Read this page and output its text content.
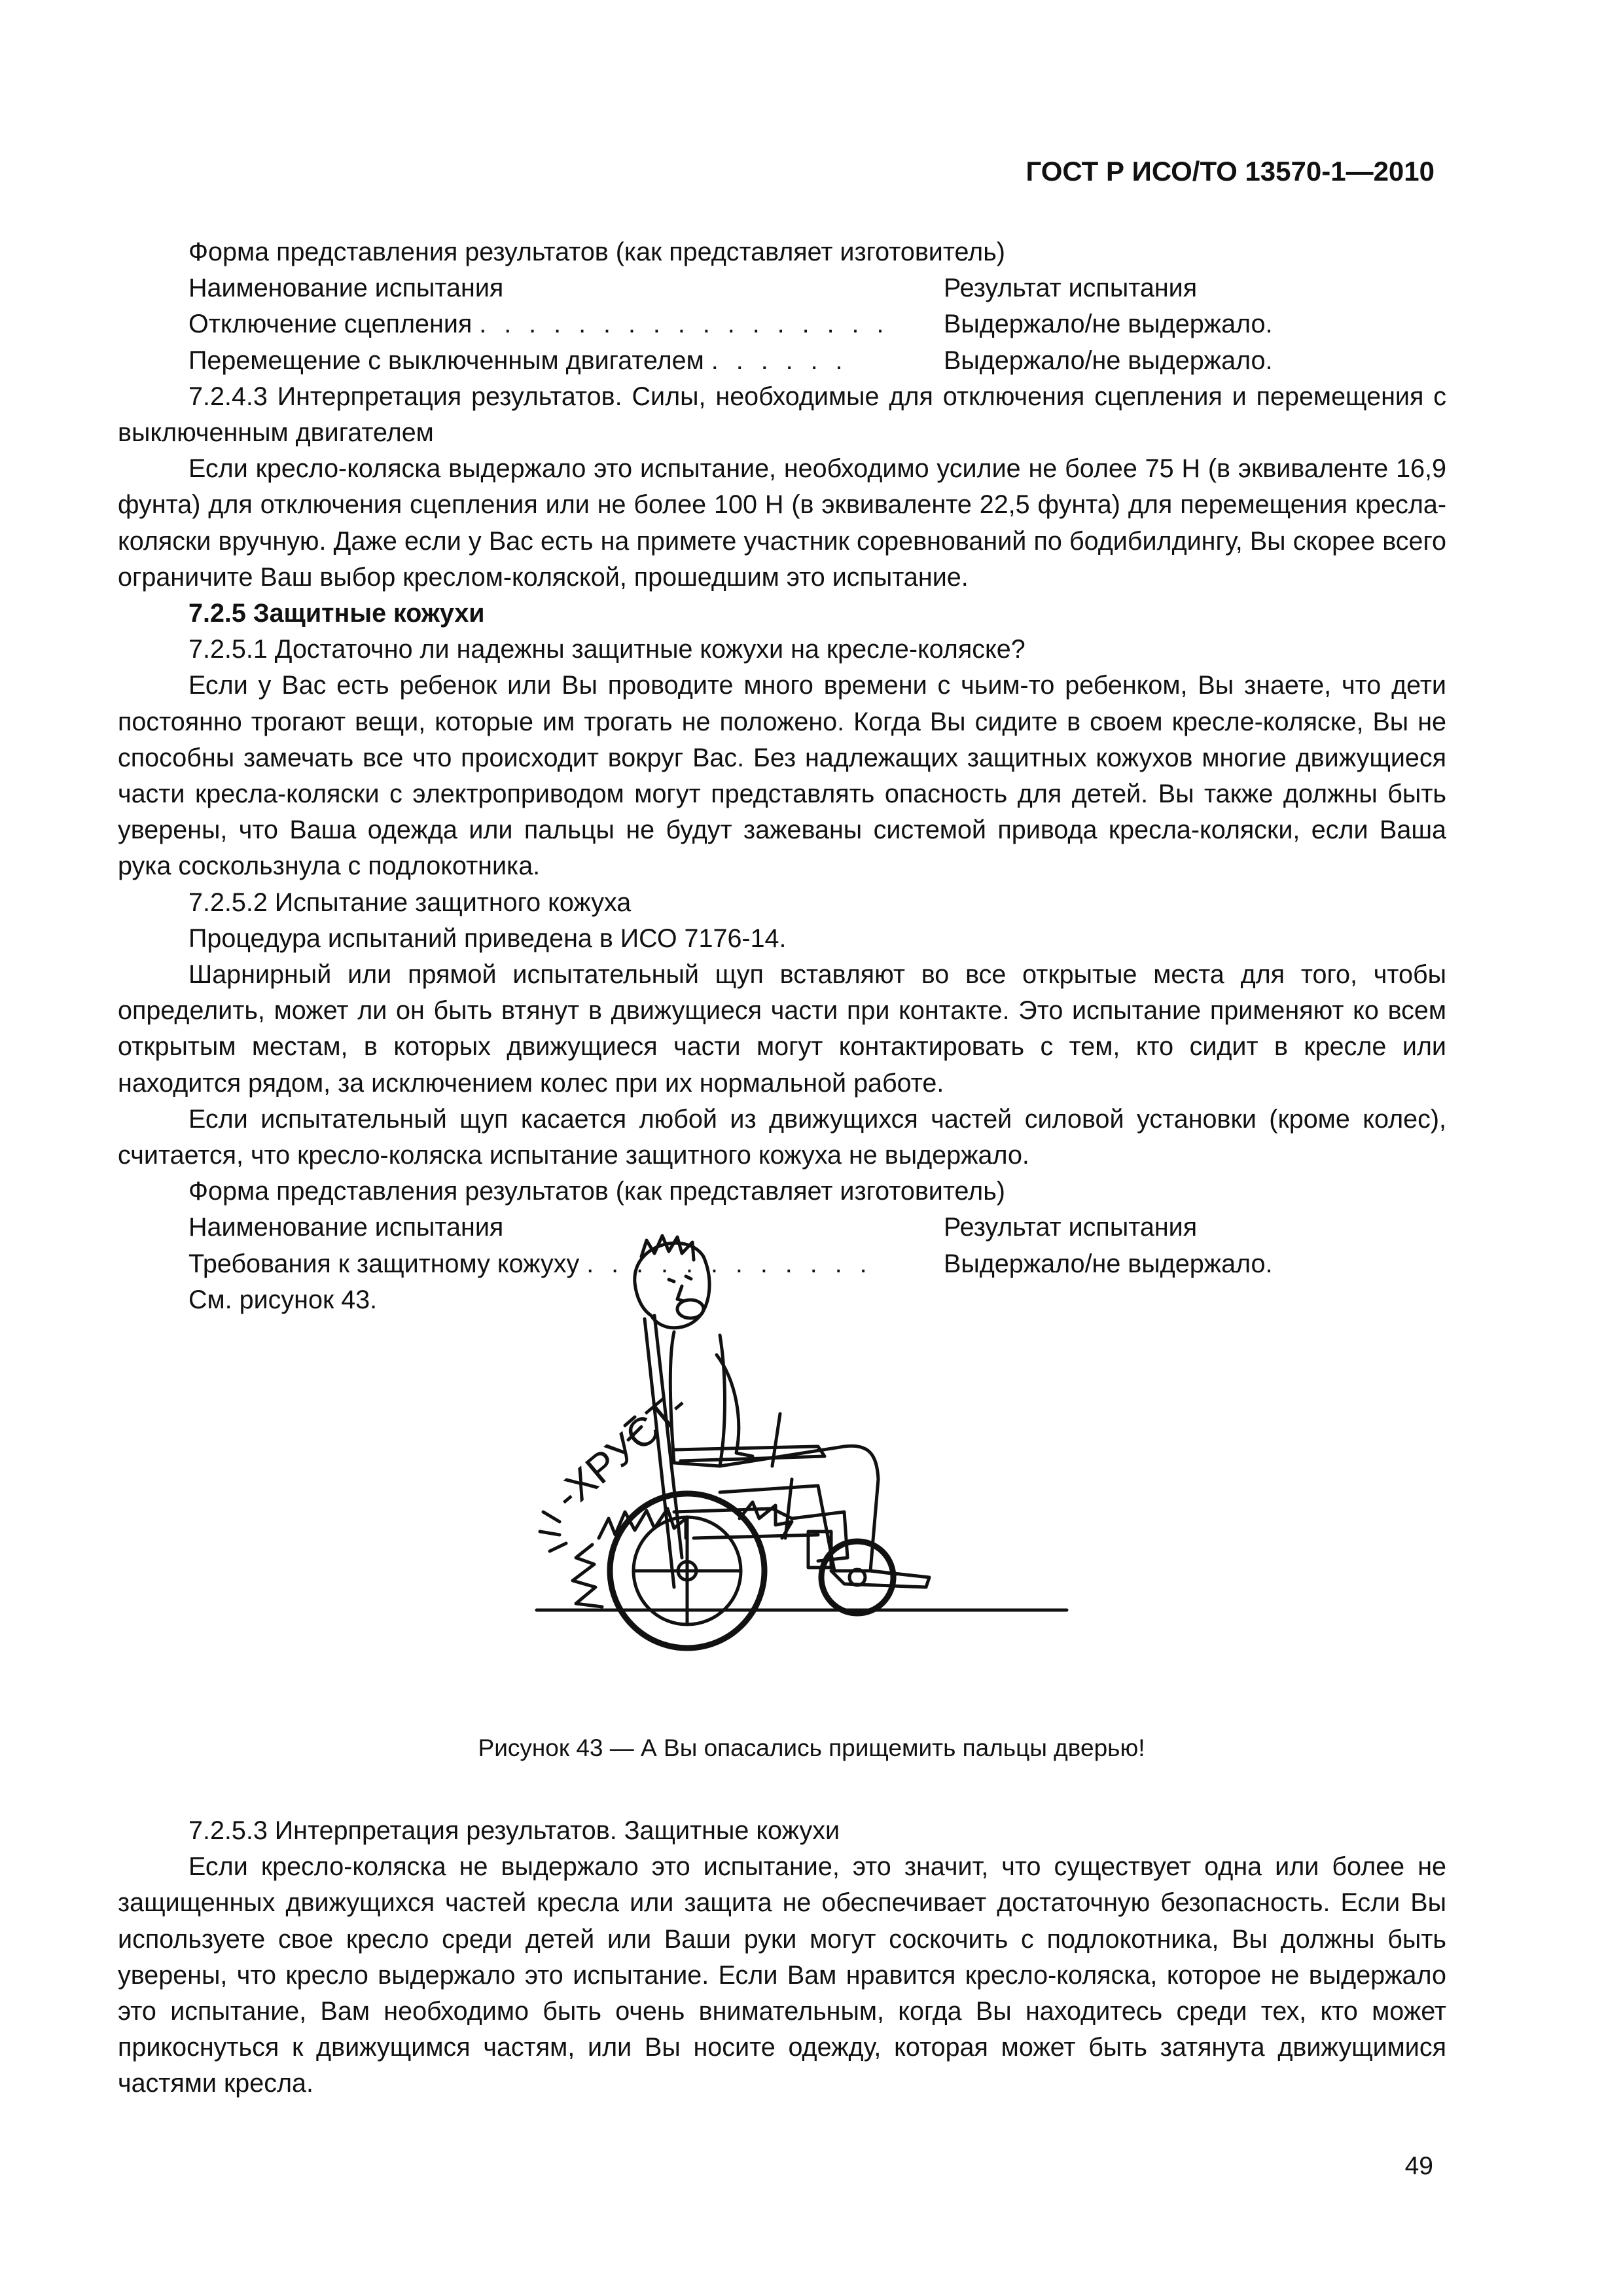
ГОСТ Р ИСО/ТО 13570-1—2010

Форма представления результатов (как представляет изготовитель)

Наименование испытания	Результат испытания
Отключение сцепления . . . . . . . . . . . . . . . . . Выдержало/не выдержало.
Перемещение с выключенным двигателем . . . . . .	Выдержало/не выдержало.

7.2.4.3 Интерпретация результатов. Силы, необходимые для отключения сцепления и перемещения с выключенным двигателем

Если кресло-коляска выдержало это испытание, необходимо усилие не более 75 Н (в эквиваленте 16,9 фунта) для отключения сцепления или не более 100 Н (в эквиваленте 22,5 фунта) для перемещения кресла-коляски вручную. Даже если у Вас есть на примете участник соревнований по бодибилдингу, Вы скорее всего ограничите Ваш выбор креслом-коляской, прошедшим это испытание.

7.2.5 Защитные кожухи

7.2.5.1 Достаточно ли надежны защитные кожухи на кресле-коляске?

Если у Вас есть ребенок или Вы проводите много времени с чьим-то ребенком, Вы знаете, что дети постоянно трогают вещи, которые им трогать не положено. Когда Вы сидите в своем кресле-коляске, Вы не способны замечать все что происходит вокруг Вас. Без надлежащих защитных кожухов многие движущиеся части кресла-коляски с электроприводом могут представлять опасность для детей. Вы также должны быть уверены, что Ваша одежда или пальцы не будут зажеваны системой привода кресла-коляски, если Ваша рука соскользнула с подлокотника.

7.2.5.2 Испытание защитного кожуха

Процедура испытаний приведена в ИСО 7176-14.

Шарнирный или прямой испытательный щуп вставляют во все открытые места для того, чтобы определить, может ли он быть втянут в движущиеся части при контакте. Это испытание применяют ко всем открытым местам, в которых движущиеся части могут контактировать с тем, кто сидит в кресле или находится рядом, за исключением колес при их нормальной работе.

Если испытательный щуп касается любой из движущихся частей силовой установки (кроме колес), считается, что кресло-коляска испытание защитного кожуха не выдержало.

Форма представления результатов (как представляет изготовитель)

Наименование испытания	Результат испытания
Требования к защитному кожуху . . . . . . . . . . . .	Выдержало/не выдержало.

См. рисунок 43.

-ХРУСТ-
Рисунок 43 — А Вы опасались прищемить пальцы дверью!

7.2.5.3 Интерпретация результатов. Защитные кожухи

Если кресло-коляска не выдержало это испытание, это значит, что существует одна или более не защищенных движущихся частей кресла или защита не обеспечивает достаточную безопасность. Если Вы используете свое кресло среди детей или Ваши руки могут соскочить с подлокотника, Вы должны быть уверены, что кресло выдержало это испытание. Если Вам нравится кресло-коляска, которое не выдержало это испытание, Вам необходимо быть очень внимательным, когда Вы находитесь среди тех, кто может прикоснуться к движущимся частям, или Вы носите одежду, которая может быть затянута движущимися частями кресла.

49
